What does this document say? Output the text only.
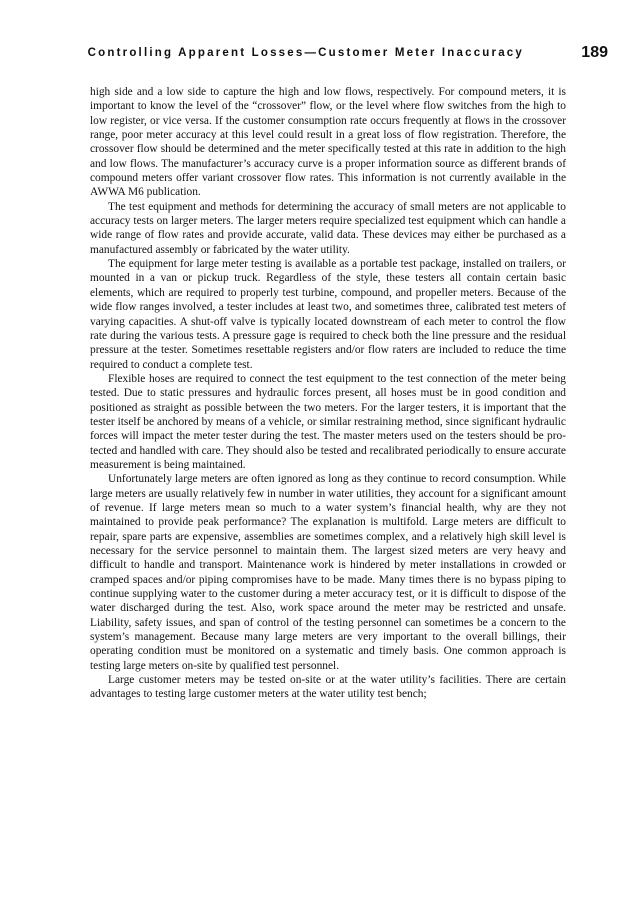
Controlling Apparent Losses—Customer Meter Inaccuracy	189

high side and a low side to capture the high and low flows, respectively. For compound meters, it is important to know the level of the “crossover” flow, or the level where flow switches from the high to low register, or vice versa. If the customer consumption rate occurs frequently at flows in the crossover range, poor meter accuracy at this level could result in a great loss of flow registration. Therefore, the crossover flow should be determined and the meter specifically tested at this rate in addition to the high and low flows. The manufacturer’s accuracy curve is a proper information source as different brands of compound meters offer variant crossover flow rates. This information is not currently available in the AWWA M6 publication.

The test equipment and methods for determining the accuracy of small meters are not applicable to accuracy tests on larger meters. The larger meters require specialized test equipment which can handle a wide range of flow rates and provide accurate, valid data. These devices may either be purchased as a manufactured assembly or fabricated by the water utility.

The equipment for large meter testing is available as a portable test package, installed on trailers, or mounted in a van or pickup truck. Regardless of the style, these testers all contain certain basic elements, which are required to properly test turbine, compound, and propeller meters. Because of the wide flow ranges involved, a tester includes at least two, and sometimes three, calibrated test meters of varying capacities. A shut-off valve is typically located downstream of each meter to control the flow rate during the various tests. A pressure gage is required to check both the line pressure and the residual pressure at the tester. Sometimes resettable registers and/or flow raters are included to reduce the time required to conduct a complete test.

Flexible hoses are required to connect the test equipment to the test connection of the meter being tested. Due to static pressures and hydraulic forces present, all hoses must be in good condition and positioned as straight as possible between the two meters. For the larger testers, it is important that the tester itself be anchored by means of a vehicle, or similar restraining method, since significant hydraulic forces will impact the meter tester during the test. The master meters used on the testers should be protected and handled with care. They should also be tested and recalibrated periodically to ensure accurate measurement is being maintained.

Unfortunately large meters are often ignored as long as they continue to record consumption. While large meters are usually relatively few in number in water utilities, they account for a significant amount of revenue. If large meters mean so much to a water system’s financial health, why are they not maintained to provide peak performance? The explanation is multifold. Large meters are difficult to repair, spare parts are expensive, assemblies are sometimes complex, and a relatively high skill level is necessary for the service personnel to maintain them. The largest sized meters are very heavy and difficult to handle and transport. Maintenance work is hindered by meter installations in crowded or cramped spaces and/or piping compromises have to be made. Many times there is no bypass piping to continue supplying water to the customer during a meter accuracy test, or it is difficult to dispose of the water discharged during the test. Also, work space around the meter may be restricted and unsafe. Liability, safety issues, and span of control of the testing personnel can sometimes be a concern to the system’s management. Because many large meters are very important to the overall billings, their operating condition must be monitored on a systematic and timely basis. One common approach is testing large meters on-site by qualified test personnel.

Large customer meters may be tested on-site or at the water utility’s facilities. There are certain advantages to testing large customer meters at the water utility test bench;
